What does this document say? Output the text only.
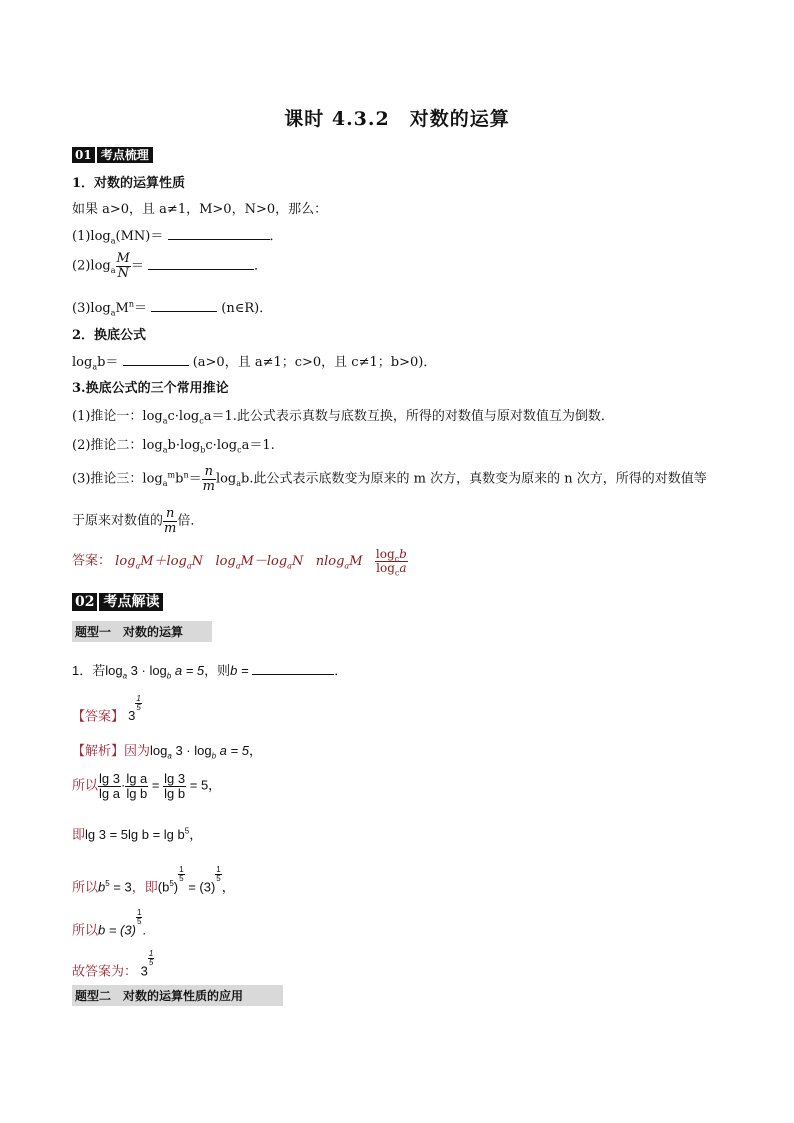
课时 4.3.2　对数的运算
01 考点梳理
1．对数的运算性质
如果 a>0，且 a≠1，M>0，N>0，那么：
$(1)\log_a(MN)=$	．
$(2)\log_a \frac{M}{N}$ ＝	．
$(3)\log_aM^n=$	(n∈R)．
2．换底公式
$\log_ab=$	(a>0，且 a≠1；c>0，且 c≠1；b>0)．
3.换底公式的三个常用推论
(1)推论一：$\log_ac\cdot\log_ca=1$.此公式表示真数与底数互换，所得的对数值与原对数值互为倒数．
(2)推论二：$\log_ab\cdot\log_bc\cdot\log_ca=1$.
(3)推论三：$\log_a^mb^n= \frac{n}{m} \log_ab$.此公式表示底数变为原来的 m 次方，真数变为原来的 n 次方，所得的对数值等
于原来对数值的 $\frac{n}{m}$ 倍．
答案： $\log_aM+\log_aN$ $\log_aM-\log_aN$ $nlog_aM \frac{\log_cb}{\log_ca}$
02 考点解读
题型一　对数的运算
1．若$\log_a 3 \cdot \log_b a = 5$，则b =	．
【答案】 3
$^{\frac{1}{5}}$
【解析】因为$\log_a 3 \cdot \log_b a = 5$，
所以 $\frac{\lg 3}{\text{lg a}} \cdot \frac{\text{lg a}}{\text{lg b}} = \frac{\lg 3}{\text{lg b}} = 5$，
即lg 3 = 5lg $b = \lg b^5$，
所以$b^5 = 3$，即$(b^5)$
$^{\frac{1}{5}}$
= (3)
$^{\frac{1}{5}}$
，
所以b = (3)
$^{\frac{1}{5}}$
.
故答案为： 3
$^{\frac{1}{5}}$
题型二　对数的运算性质的应用
